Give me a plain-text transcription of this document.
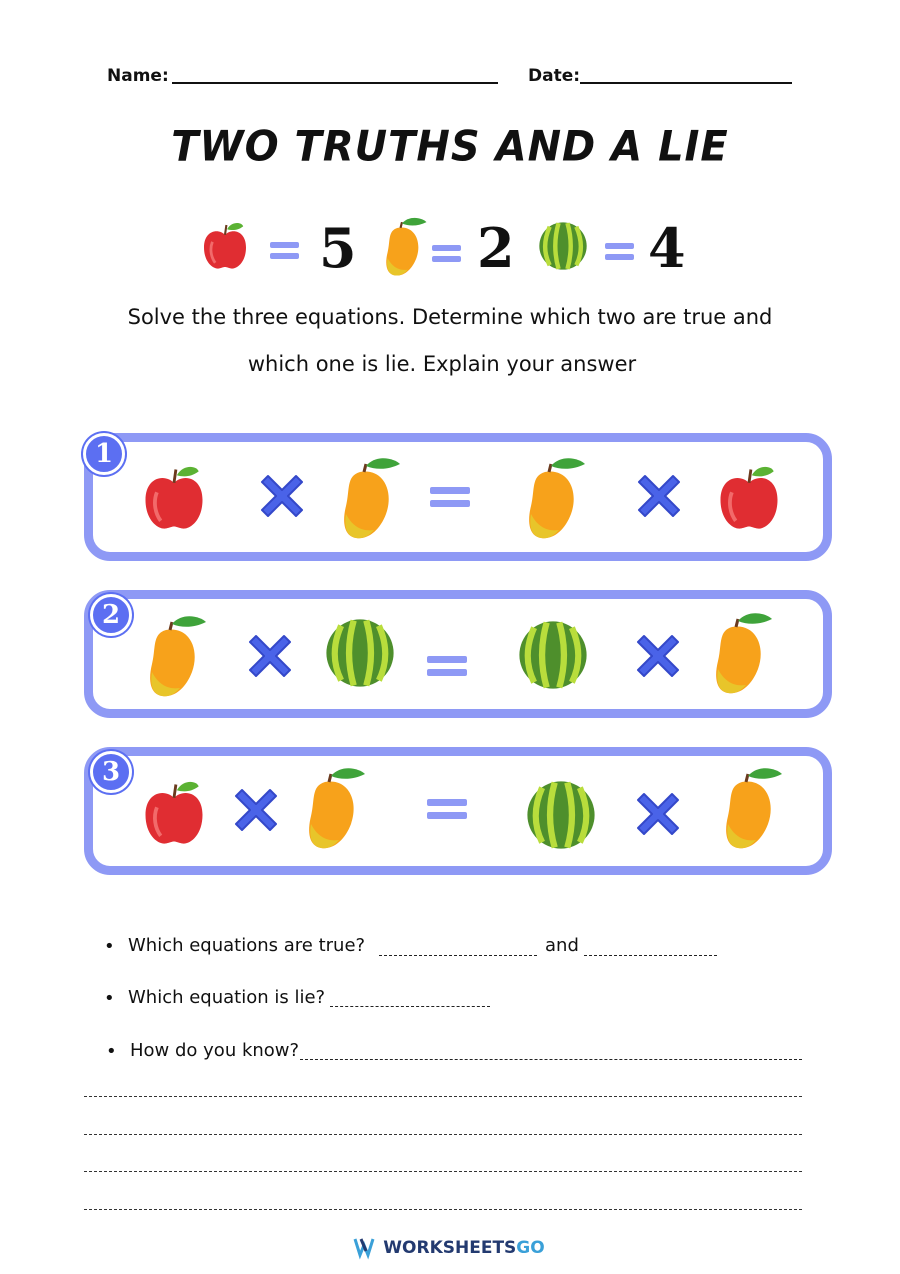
Name:	Date:
TWO TRUTHS AND A LIE
5 2 4
Solve the three equations. Determine which two are true and
which one is lie. Explain your answer
1
2
3
• Which equations are true?	and
• Which equation is lie?
• How do you know?
WORKSHEETSGO
